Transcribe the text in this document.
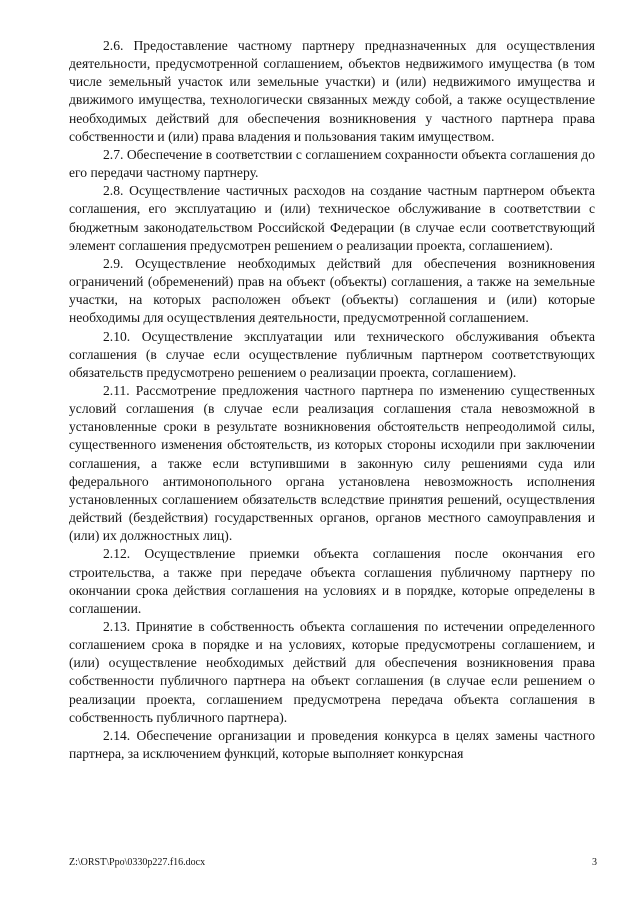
2.6. Предоставление частному партнеру предназначенных для осуществления деятельности, предусмотренной соглашением, объектов недвижимого имущества (в том числе земельный участок или земельные участки) и (или) недвижимого имущества и движимого имущества, технологически связанных между собой, а также осуществление необходимых действий для обеспечения возникновения у частного партнера права собственности и (или) права владения и пользования таким имуществом.

2.7. Обеспечение в соответствии с соглашением сохранности объекта соглашения до его передачи частному партнеру.

2.8. Осуществление частичных расходов на создание частным партнером объекта соглашения, его эксплуатацию и (или) техническое обслуживание в соответствии с бюджетным законодательством Российской Федерации (в случае если соответствующий элемент соглашения предусмотрен решением о реализации проекта, соглашением).

2.9. Осуществление необходимых действий для обеспечения возникновения ограничений (обременений) прав на объект (объекты) соглашения, а также на земельные участки, на которых расположен объект (объекты) соглашения и (или) которые необходимы для осуществления деятельности, предусмотренной соглашением.

2.10. Осуществление эксплуатации или технического обслуживания объекта соглашения (в случае если осуществление публичным партнером соответствующих обязательств предусмотрено решением о реализации проекта, соглашением).

2.11. Рассмотрение предложения частного партнера по изменению существенных условий соглашения (в случае если реализация соглашения стала невозможной в установленные сроки в результате возникновения обстоятельств непреодолимой силы, существенного изменения обстоятельств, из которых стороны исходили при заключении соглашения, а также если вступившими в законную силу решениями суда или федерального антимонопольного органа установлена невозможность исполнения установленных соглашением обязательств вследствие принятия решений, осуществления действий (бездействия) государственных органов, органов местного самоуправления и (или) их должностных лиц).

2.12. Осуществление приемки объекта соглашения после окончания его строительства, а также при передаче объекта соглашения публичному партнеру по окончании срока действия соглашения на условиях и в порядке, которые определены в соглашении.

2.13. Принятие в собственность объекта соглашения по истечении определенного соглашением срока в порядке и на условиях, которые предусмотрены соглашением, и (или) осуществление необходимых действий для обеспечения возникновения права собственности публичного партнера на объект соглашения (в случае если решением о реализации проекта, соглашением предусмотрена передача объекта соглашения в собственность публичного партнера).

2.14. Обеспечение организации и проведения конкурса в целях замены частного партнера, за исключением функций, которые выполняет конкурсная

Z:\ORST\Ppo\0330p227.f16.docx	3
